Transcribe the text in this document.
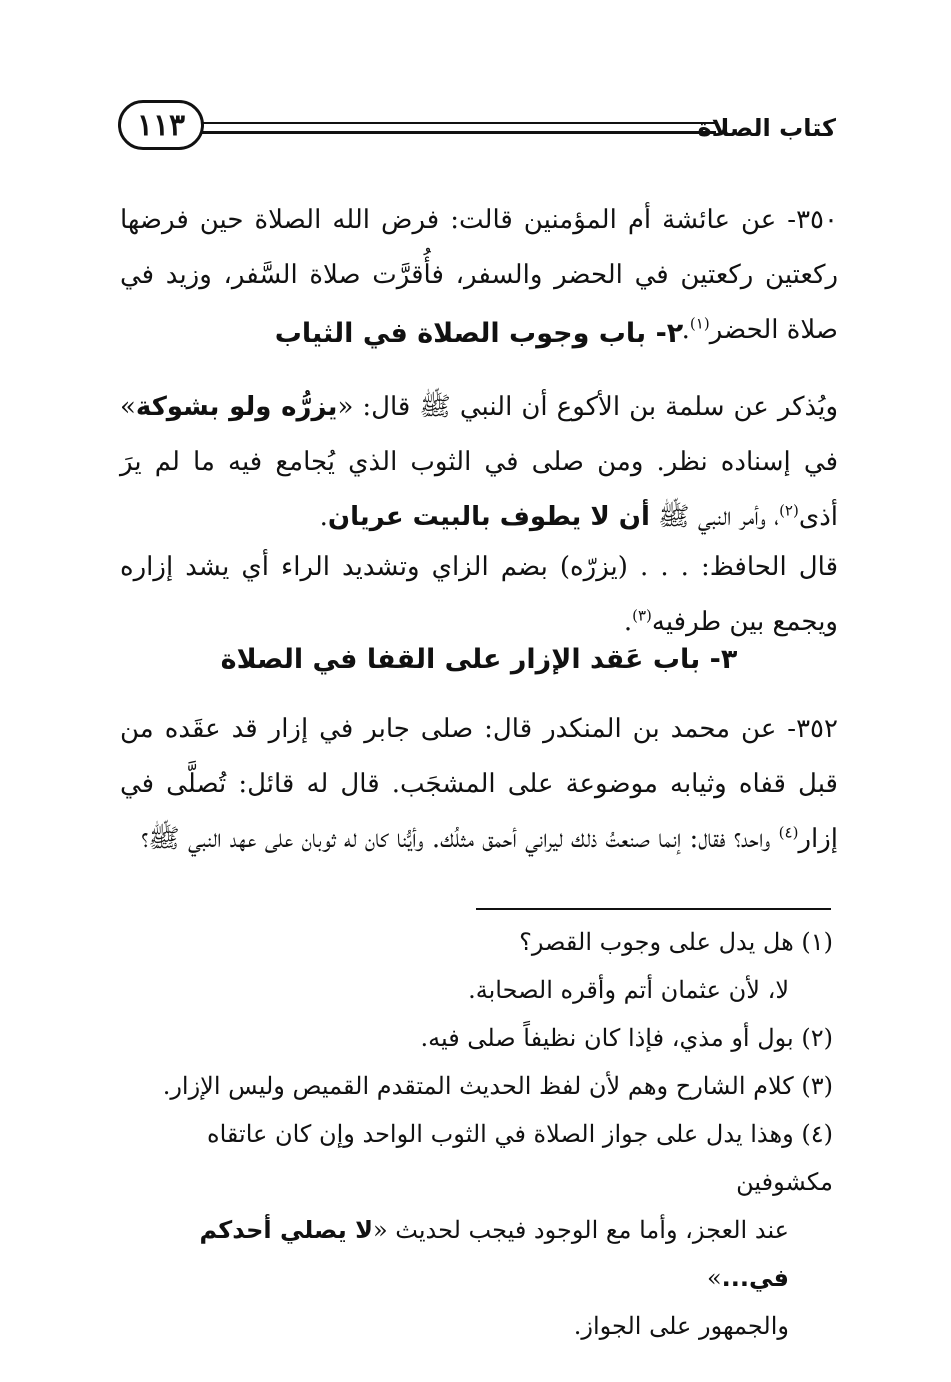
كتاب الصلاة
١١٣

٣٥٠- عن عائشة أم المؤمنين قالت: فرض الله الصلاة حين فرضها ركعتين ركعتين في الحضر والسفر، فأُقرَّت صلاة السَّفر، وزيد في صلاة الحضر$^{(١)}$.

٢- باب وجوب الصلاة في الثياب

ويُذكر عن سلمة بن الأكوع أن النبي ﷺ قال: «يزرُّه ولو بشوكة» في إسناده نظر. ومن صلى في الثوب الذي يُجامع فيه ما لم يرَ أذى$^{(٢)}$، وأمر النبي ﷺ أن لا يطوف بالبيت عريان.

قال الحافظ: . . . (يزرّه) بضم الزاي وتشديد الراء أي يشد إزاره ويجمع بين طرفيه$^{(٣)}$.

٣- باب عَقد الإزار على القفا في الصلاة

٣٥٢- عن محمد بن المنكدر قال: صلى جابر في إزار قد عقَده من قبل قفاه وثيابه موضوعة على المشجَب. قال له قائل: تُصلَّى في إزار$^{(٤)}$ واحد؟ فقال: إنما صنعتُ ذلك ليراني أحمق مثلُك. وأيُّنا كان له ثوبان على عهد النبي ﷺ؟

(١) هل يدل على وجوب القصر؟

لا، لأن عثمان أتم وأقره الصحابة.

(٢) بول أو مذي، فإذا كان نظيفاً صلى فيه.

(٣) كلام الشارح وهم لأن لفظ الحديث المتقدم القميص وليس الإزار.

(٤) وهذا يدل على جواز الصلاة في الثوب الواحد وإن كان عاتقاه مكشوفين

عند العجز، وأما مع الوجود فيجب لحديث «لا يصلي أحدكم في...»

والجمهور على الجواز.
